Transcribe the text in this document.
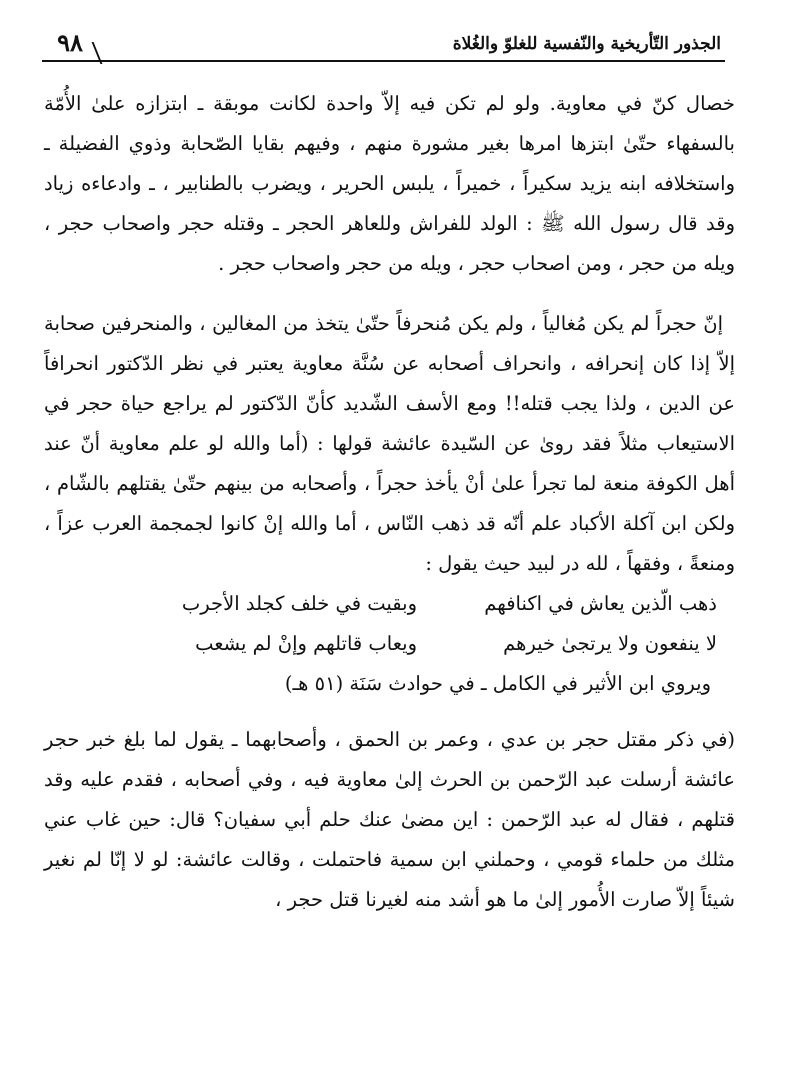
الجذور التّأريخية والنّفسية للغلوّ والغُلاة
٩٨

خصال كنّ في معاوية. ولو لم تكن فيه إلاّ واحدة لكانت موبقة ـ ابتزازه علىٰ الأُمّة بالسفهاء حتّىٰ ابتزها امرها بغير مشورة منهم ، وفيهم بقايا الصّحابة وذوي الفضيلة ـ واستخلافه ابنه يزيد سكيراً ، خميراً ، يلبس الحرير ، ويضرب بالطنابير ، ـ وادعاءه زياد وقد قال رسول الله ﷺ : الولد للفراش وللعاهر الحجر ـ وقتله حجر واصحاب حجر ، ويله من حجر ، ومن اصحاب حجر ، ويله من حجر واصحاب حجر .

إنّ حجراً لم يكن مُغالياً ، ولم يكن مُنحرفاً حتّىٰ يتخذ من المغالين ، والمنحرفين صحابة إلاّ إذا كان إنحرافه ، وانحراف أصحابه عن سُنَّة معاوية يعتبر في نظر الدّكتور انحرافاً عن الدين ، ولذا يجب قتله!! ومع الأسف الشّديد كأنّ الدّكتور لم يراجع حياة حجر في الاستيعاب مثلاً فقد روىٰ عن السّيدة عائشة قولها : (أما والله لو علم معاوية أنّ عند أهل الكوفة منعة لما تجرأ علىٰ أنْ يأخذ حجراً ، وأصحابه من بينهم حتّىٰ يقتلهم بالشّام ، ولكن ابن آكلة الأكباد علم أنّه قد ذهب النّاس ، أما والله إنْ كانوا لجمجمة العرب عزاً ، ومنعةً ، وفقهاً ، لله در لبيد حيث يقول :

ذهب الّذين يعاش في اكنافهم
وبقيت في خلف كجلد الأجرب
لا ينفعون ولا يرتجىٰ خيرهم
ويعاب قاتلهم وإنْ لم يشعب
ويروي ابن الأثير في الكامل ـ في حوادث سَنَة (٥١ هـ)

(في ذكر مقتل حجر بن عدي ، وعمر بن الحمق ، وأصحابهما ـ يقول لما بلغ خبر حجر عائشة أرسلت عبد الرّحمن بن الحرث إلىٰ معاوية فيه ، وفي أصحابه ، فقدم عليه وقد قتلهم ، فقال له عبد الرّحمن : اين مضىٰ عنك حلم أبي سفيان؟ قال: حين غاب عني مثلك من حلماء قومي ، وحملني ابن سمية فاحتملت ، وقالت عائشة: لو لا إنّا لم نغير شيئاً إلاّ صارت الأُمور إلىٰ ما هو أشد منه لغيرنا قتل حجر ،
